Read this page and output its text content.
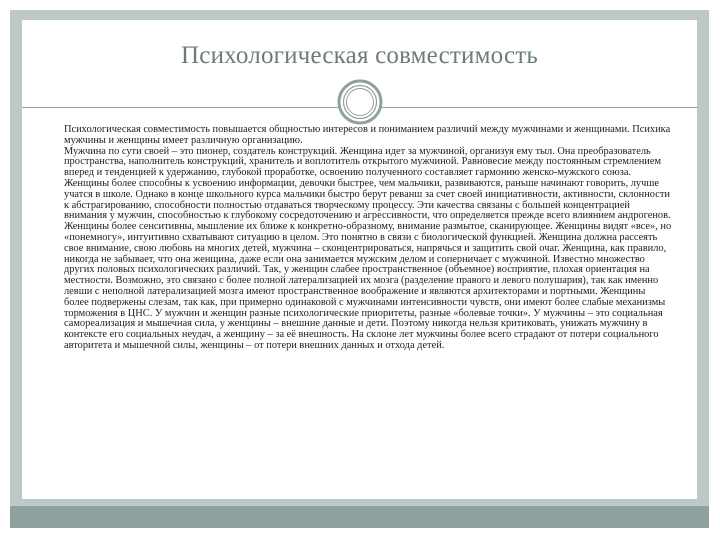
Психологическая совместимость
Психологическая совместимость повышается общностью интересов и пониманием различий между мужчинами и женщинами. Психика мужчины и женщины имеет различную организацию.
Мужчина по сути своей – это пионер, создатель конструкций. Женщина идет за мужчиной, организуя ему тыл. Она преобразователь пространства, наполнитель конструкций, хранитель и воплотитель открытого мужчиной. Равновесие между постоянным стремлением вперед и тенденцией к удержанию, глубокой проработке, освоению полученного составляет гармонию женско-мужского союза.
Женщины более способны к усвоению информации, девочки быстрее, чем мальчики, развиваются, раньше начинают говорить, лучше учатся в школе. Однако в конце школьного курса мальчики быстро берут реванш за счет своей инициативности, активности, склонности к абстрагированию, способности полностью отдаваться творческому процессу. Эти качества связаны с большей концентрацией внимания у мужчин, способностью к глубокому сосредоточению и агрессивности, что определяется прежде всего влиянием андрогенов. Женщины более сенситивны, мышление их ближе к конкретно-образному, внимание размытое, сканирующее. Женщины видят «все», но «понемногу», интуитивно схватывают ситуацию в целом. Это понятно в связи с биологической функцией. Женщина должна рассеять свое внимание, свою любовь на многих детей, мужчина – сконцентрироваться, напрячься и защитить свой очаг. Женщина, как правило, никогда не забывает, что она женщина, даже если она занимается мужским делом и соперничает с мужчиной. Известно множество других половых психологических различий. Так, у женщин слабее пространственное (объемное) восприятие, плохая ориентация на местности. Возможно, это связано с более полной латерализацией их мозга (разделение правого и левого полушария), так как именно левши с неполной латерализацией мозга имеют пространственное воображение и являются архитекторами и портными. Женщины более подвержены слезам, так как, при примерно одинаковой с мужчинами интенсивности чувств, они имеют более слабые механизмы торможения в ЦНС. У мужчин и женщин разные психологические приоритеты, разные «болевые точки». У мужчины – это социальная самореализация и мышечная сила, у женщины – внешние данные и дети. Поэтому никогда нельзя критиковать, унижать мужчину в контексте его социальных неудач, а женщину – за её внешность. На склоне лет мужчины более всего страдают от потери социального авторитета и мышечной силы, женщины – от потери внешних данных и отхода детей.
